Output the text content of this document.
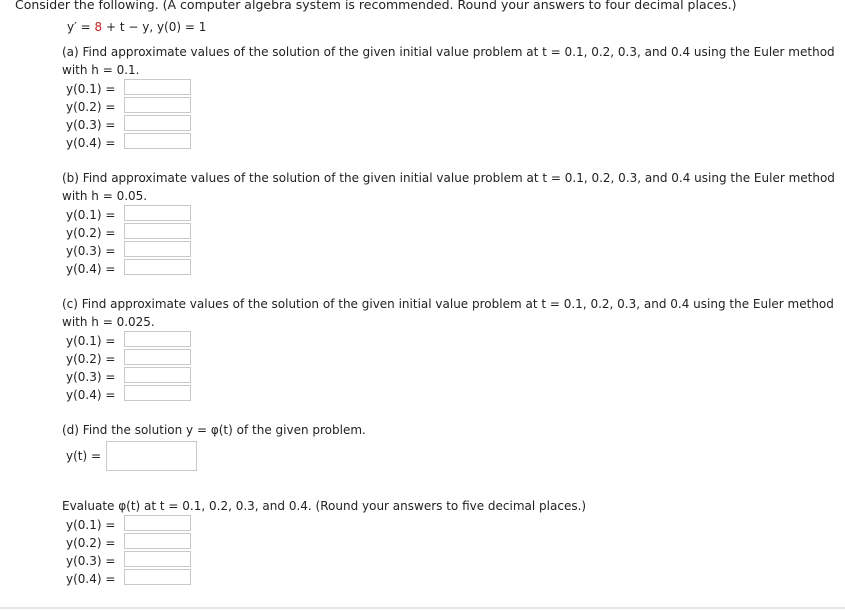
Consider the following. (A computer algebra system is recommended. Round your answers to four decimal places.)
y′ = 8 + t − y, y(0) = 1
(a) Find approximate values of the solution of the given initial value problem at t = 0.1, 0.2, 0.3, and 0.4 using the Euler method
with h = 0.1.
y(0.1) =
y(0.2) =
y(0.3) =
y(0.4) =
(b) Find approximate values of the solution of the given initial value problem at t = 0.1, 0.2, 0.3, and 0.4 using the Euler method
with h = 0.05.
y(0.1) =
y(0.2) =
y(0.3) =
y(0.4) =
(c) Find approximate values of the solution of the given initial value problem at t = 0.1, 0.2, 0.3, and 0.4 using the Euler method
with h = 0.025.
y(0.1) =
y(0.2) =
y(0.3) =
y(0.4) =
(d) Find the solution y = φ(t) of the given problem.
y(t) =
Evaluate φ(t) at t = 0.1, 0.2, 0.3, and 0.4. (Round your answers to five decimal places.)
y(0.1) =
y(0.2) =
y(0.3) =
y(0.4) =
